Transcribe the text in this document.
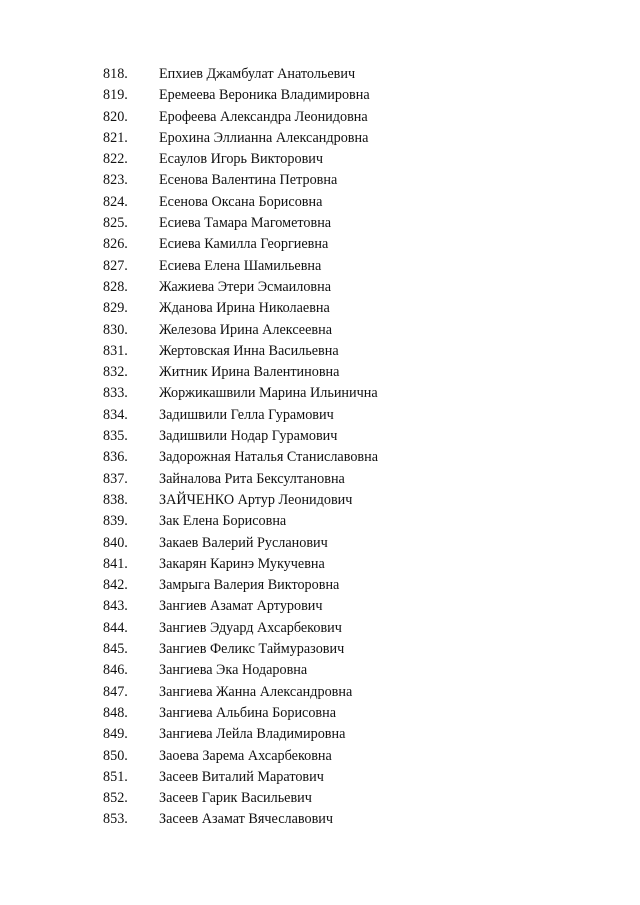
818. Епхиев Джамбулат Анатольевич
819. Еремеева Вероника Владимировна
820. Ерофеева Александра Леонидовна
821. Ерохина Эллианна Александровна
822. Есаулов Игорь Викторович
823. Есенова Валентина Петровна
824. Есенова Оксана Борисовна
825. Есиева Тамара Магометовна
826. Есиева Камилла Георгиевна
827. Есиева Елена Шамильевна
828. Жажиева Этери Эсмаиловна
829. Жданова Ирина Николаевна
830. Железова Ирина Алексеевна
831. Жертовская Инна Васильевна
832. Житник Ирина Валентиновна
833. Жоржикашвили Марина Ильинична
834. Задишвили Гелла Гурамович
835. Задишвили Нодар Гурамович
836. Задорожная Наталья Станиславовна
837. Зайналова Рита Бексултановна
838. ЗАЙЧЕНКО Артур Леонидович
839. Зак Елена Борисовна
840. Закаев Валерий Русланович
841. Закарян Каринэ Мукучевна
842. Замрыга Валерия Викторовна
843. Зангиев Азамат Артурович
844. Зангиев Эдуард Ахсарбекович
845. Зангиев Феликс Таймуразович
846. Зангиева Эка Нодаровна
847. Зангиева Жанна Александровна
848. Зангиева Альбина Борисовна
849. Зангиева Лейла Владимировна
850. Заоева Зарема Ахсарбековна
851. Засеев Виталий Маратович
852. Засеев Гарик Васильевич
853. Засеев Азамат Вячеславович
